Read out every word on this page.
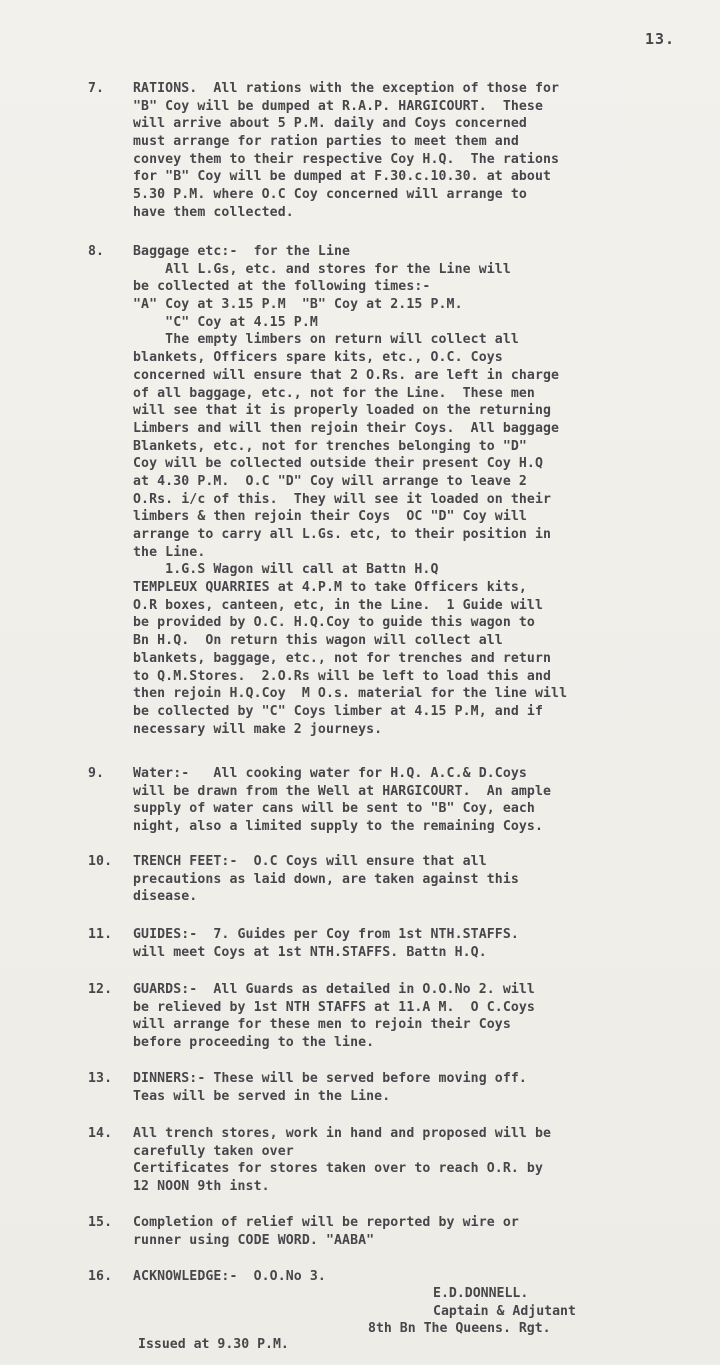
13.
7.	RATIONS.  All rations with the exception of those for
"B" Coy will be dumped at R.A.P. HARGICOURT.  These
will arrive about 5 P.M. daily and Coys concerned
must arrange for ration parties to meet them and
convey them to their respective Coy H.Q.  The rations
for "B" Coy will be dumped at F.30.c.10.30. at about
5.30 P.M. where O.C Coy concerned will arrange to
have them collected.
8.	Baggage etc:-  for the Line
All L.Gs, etc. and stores for the Line will
be collected at the following times:-
"A" Coy at 3.15 P.M  "B" Coy at 2.15 P.M.
"C" Coy at 4.15 P.M
The empty limbers on return will collect all
blankets, Officers spare kits, etc., O.C. Coys
concerned will ensure that 2 O.Rs. are left in charge
of all baggage, etc., not for the Line.  These men
will see that it is properly loaded on the returning
Limbers and will then rejoin their Coys.  All baggage
Blankets, etc., not for trenches belonging to "D"
Coy will be collected outside their present Coy H.Q
at 4.30 P.M.  O.C "D" Coy will arrange to leave 2
O.Rs. i/c of this.  They will see it loaded on their
limbers & then rejoin their Coys  OC "D" Coy will
arrange to carry all L.Gs. etc, to their position in
the Line.
1.G.S Wagon will call at Battn H.Q
TEMPLEUX QUARRIES at 4.P.M to take Officers kits,
O.R boxes, canteen, etc, in the Line.  1 Guide will
be provided by O.C. H.Q.Coy to guide this wagon to
Bn H.Q.  On return this wagon will collect all
blankets, baggage, etc., not for trenches and return
to Q.M.Stores.  2.O.Rs will be left to load this and
then rejoin H.Q.Coy  M O.s. material for the line will
be collected by "C" Coys limber at 4.15 P.M, and if
necessary will make 2 journeys.
9.	Water:-   All cooking water for H.Q. A.C.& D.Coys
will be drawn from the Well at HARGICOURT.  An ample
supply of water cans will be sent to "B" Coy, each
night, also a limited supply to the remaining Coys.
10.	TRENCH FEET:-  O.C Coys will ensure that all
precautions as laid down, are taken against this
disease.
11.	GUIDES:-  7. Guides per Coy from 1st NTH.STAFFS.
will meet Coys at 1st NTH.STAFFS. Battn H.Q.
12.	GUARDS:-  All Guards as detailed in O.O.No 2. will
be relieved by 1st NTH STAFFS at 11.A M.  O C.Coys
will arrange for these men to rejoin their Coys
before proceeding to the line.
13.	DINNERS:- These will be served before moving off.
Teas will be served in the Line.
14.	All trench stores, work in hand and proposed will be
carefully taken over
Certificates for stores taken over to reach O.R. by
12 NOON 9th inst.
15.	Completion of relief will be reported by wire or
runner using CODE WORD. "AABA"
16.	ACKNOWLEDGE:-  O.O.No 3.
E.D.DONNELL.
Captain & Adjutant
8th Bn The Queens. Rgt.
Issued at 9.30 P.M.
